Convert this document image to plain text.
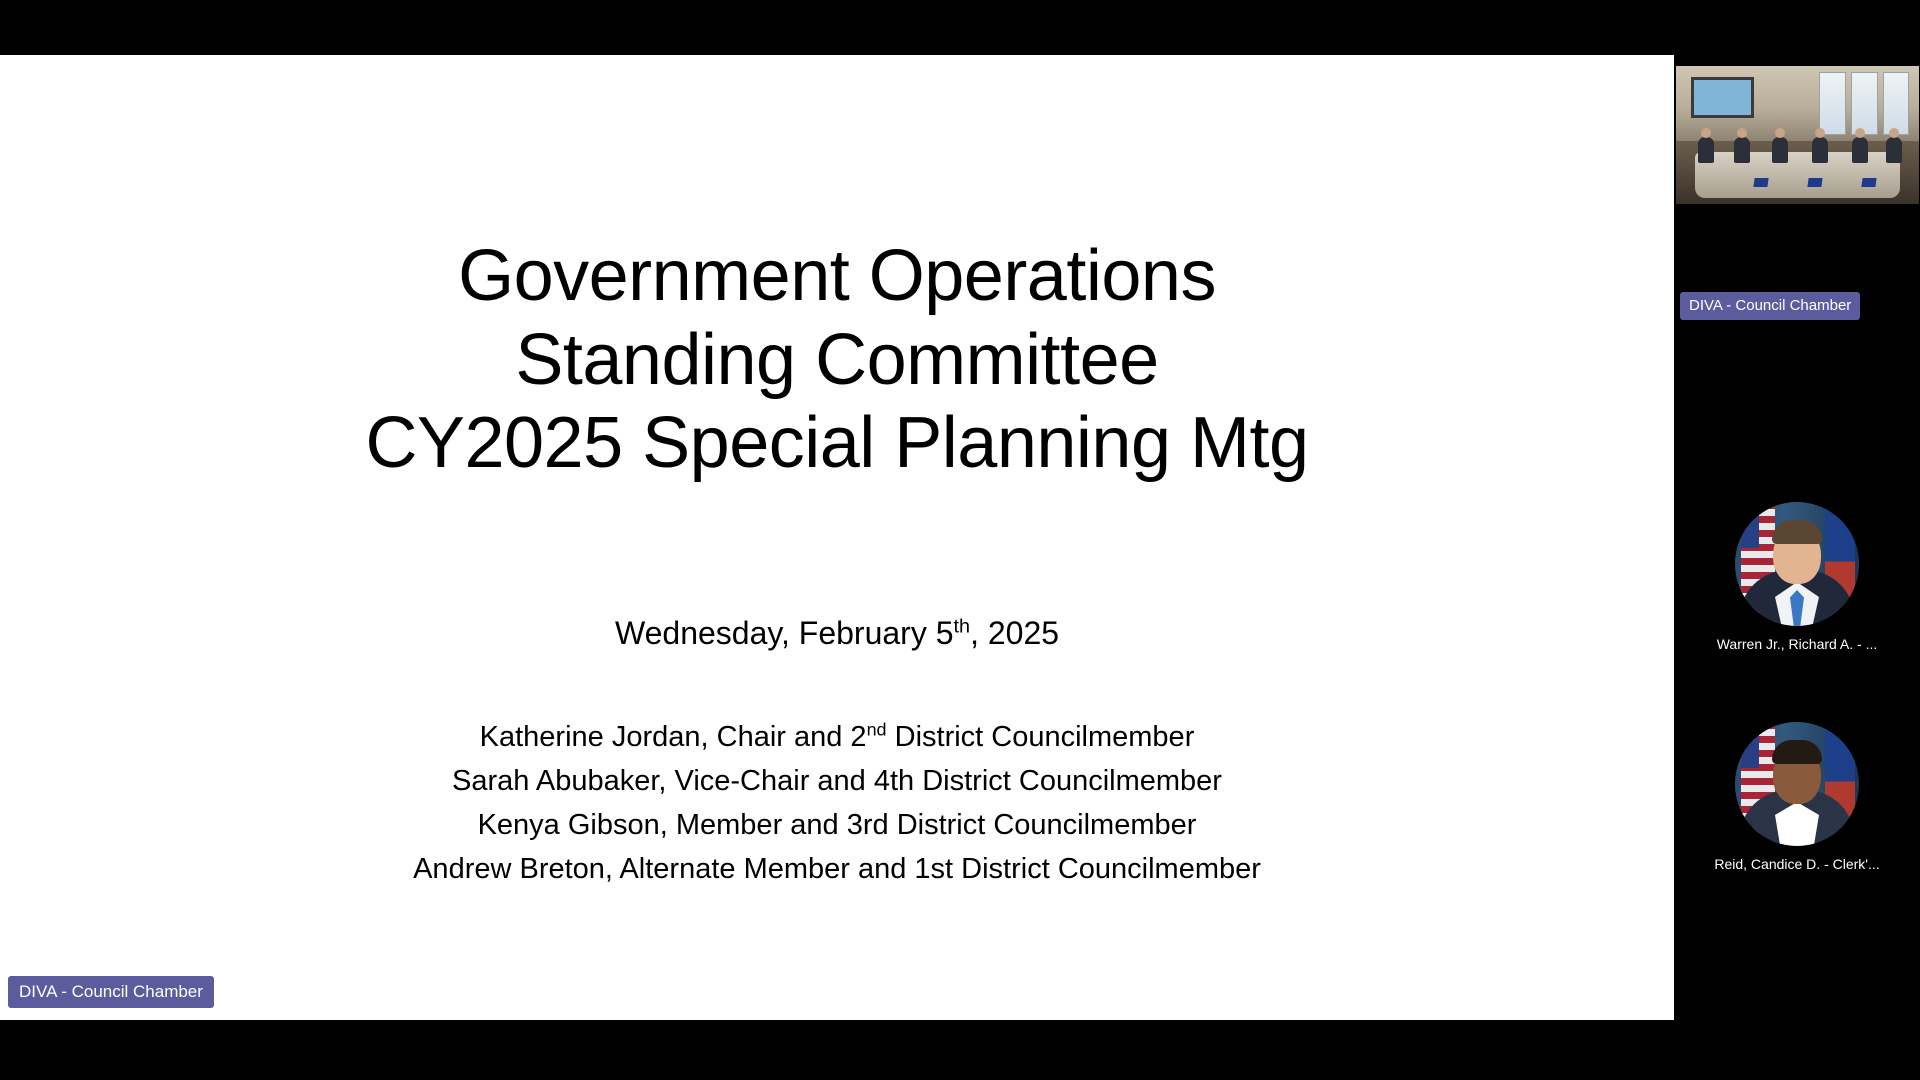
Government Operations
Standing Committee
CY2025 Special Planning Mtg
Wednesday, February 5th, 2025
Katherine Jordan, Chair and 2nd District Councilmember
Sarah Abubaker, Vice-Chair and 4th District Councilmember
Kenya Gibson, Member and 3rd District Councilmember
Andrew Breton, Alternate Member and 1st District Councilmember
DIVA - Council Chamber
DIVA - Council Chamber
Warren Jr., Richard A. - ...
Reid, Candice D. - Clerk'...
